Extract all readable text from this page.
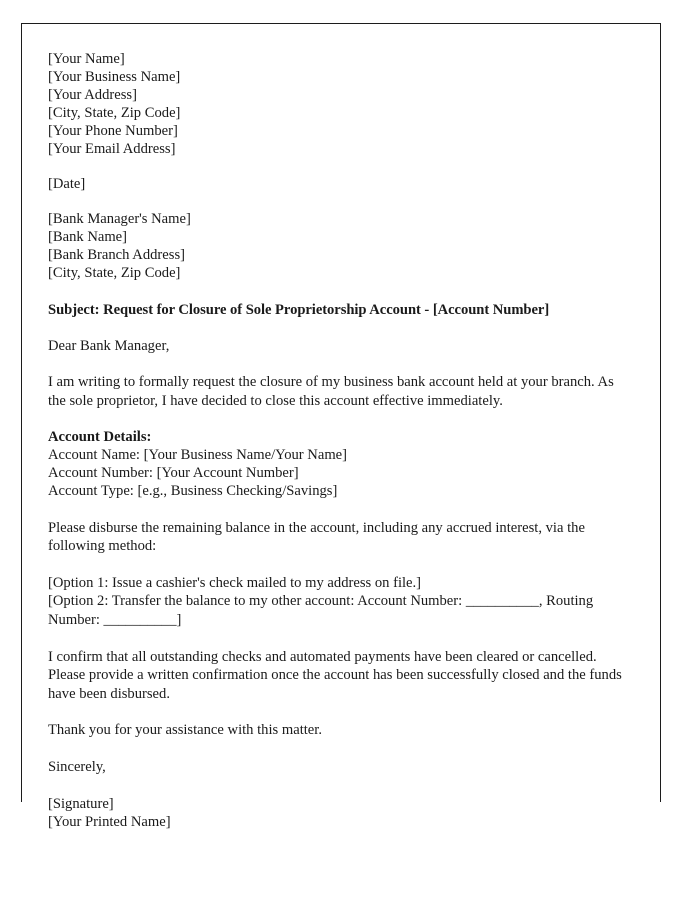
[Your Name]
[Your Business Name]
[Your Address]
[City, State, Zip Code]
[Your Phone Number]
[Your Email Address]
[Date]
[Bank Manager's Name]
[Bank Name]
[Bank Branch Address]
[City, State, Zip Code]
Subject: Request for Closure of Sole Proprietorship Account - [Account Number]
Dear Bank Manager,
I am writing to formally request the closure of my business bank account held at your branch. As the sole proprietor, I have decided to close this account effective immediately.
Account Details:
Account Name: [Your Business Name/Your Name]
Account Number: [Your Account Number]
Account Type: [e.g., Business Checking/Savings]
Please disburse the remaining balance in the account, including any accrued interest, via the following method:
[Option 1: Issue a cashier's check mailed to my address on file.]
[Option 2: Transfer the balance to my other account: Account Number: __________, Routing Number: __________]
I confirm that all outstanding checks and automated payments have been cleared or cancelled. Please provide a written confirmation once the account has been successfully closed and the funds have been disbursed.
Thank you for your assistance with this matter.
Sincerely,
[Signature]
[Your Printed Name]
